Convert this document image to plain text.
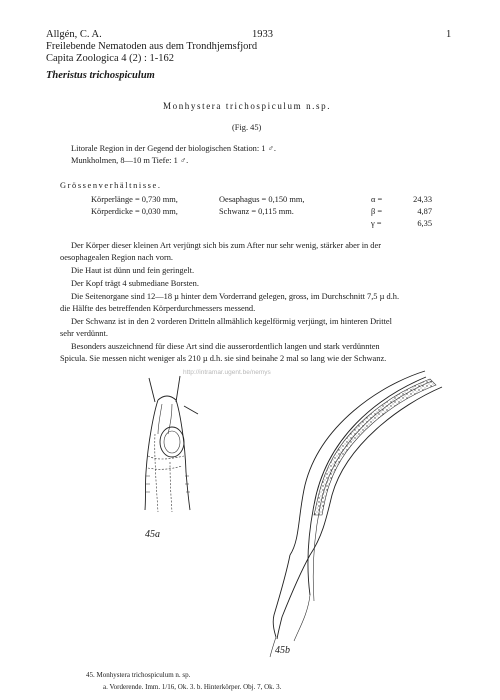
Allgén, C. A.	1933	1
Freilebende Nematoden aus dem Trondhjemsfjord
Capita Zoologica 4 (2) : 1-162
Theristus trichospiculum
Monhystera trichospiculum n.sp.
(Fig. 45)
Litorale Region in der Gegend der biologischen Station: 1 ♂.
Munkholmen, 8—10 m Tiefe: 1 ♂.
Grössenverhältnisse.
Körperlänge = 0,730 mm,	Oesaphagus = 0,150 mm,	α =	24,33
Körperdicke = 0,030 mm,	Schwanz = 0,115 mm.	β =	4,87
γ =	6,35
Der Körper dieser kleinen Art verjüngt sich bis zum After nur sehr wenig, stärker aber in der
oesophagealen Region nach vorn.
Die Haut ist dünn und fein geringelt.
Der Kopf trägt 4 submediane Borsten.
Die Seitenorgane sind 12—18 µ hinter dem Vorderrand gelegen, gross, im Durchschnitt 7,5 µ d.h.
die Hälfte des betreffenden Körperdurchmessers messend.
Der Schwanz ist in den 2 vorderen Dritteln allmählich kegelförmig verjüngt, im hinteren Drittel
sehr verdünnt.
Besonders auszeichnend für diese Art sind die ausserordentlich langen und stark verdünnten
Spicula. Sie messen nicht weniger als 210 µ d.h. sie sind beinahe 2 mal so lang wie der Schwanz.
http://intramar.ugent.be/nemys
45a
45b
45. Monhystera trichospiculum n. sp.
a. Vorderende. Imm. 1/16, Ok. 3. b. Hinterkörper. Obj. 7, Ok. 3.
